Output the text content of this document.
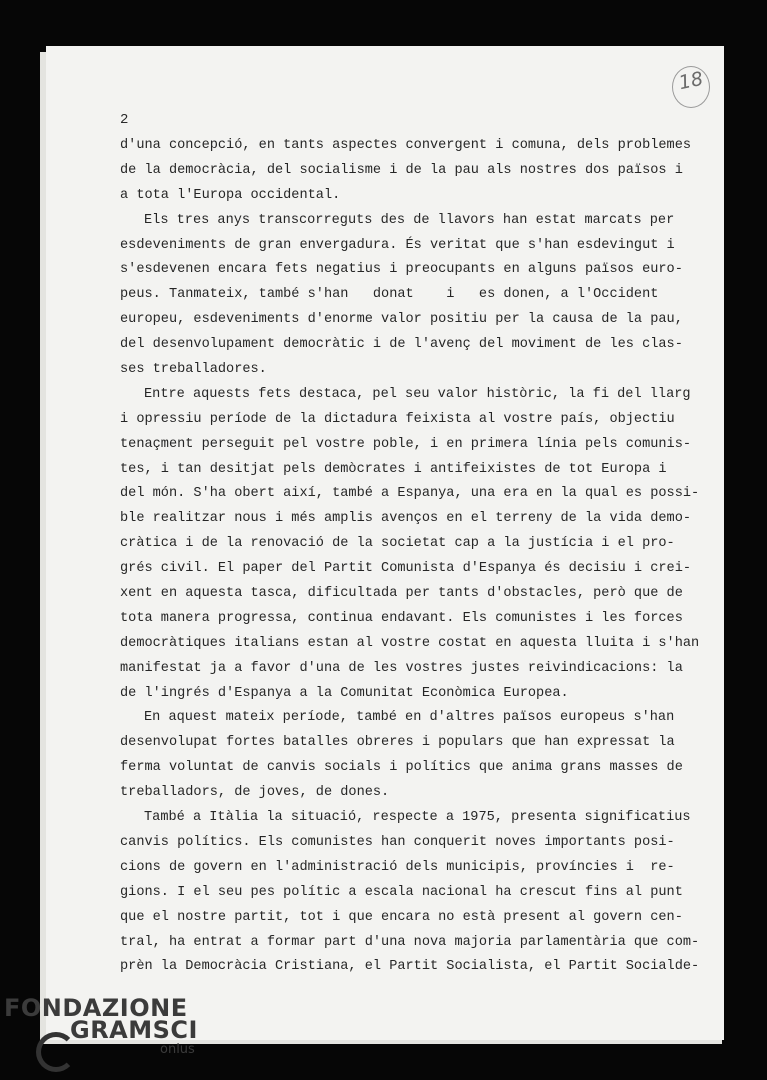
2
18
d'una concepció, en tants aspectes convergent i comuna, dels problemes
de la democràcia, del socialisme i de la pau als nostres dos països i
a tota l'Europa occidental.
Els tres anys transcorreguts des de llavors han estat marcats per
esdeveniments de gran envergadura. És veritat que s'han esdevingut i
s'esdevenen encara fets negatius i preocupants en alguns països euro-
peus. Tanmateix, també s'han   donat    i   es donen, a l'Occident
europeu, esdeveniments d'enorme valor positiu per la causa de la pau,
del desenvolupament democràtic i de l'avenç del moviment de les clas-
ses treballadores.
Entre aquests fets destaca, pel seu valor històric, la fi del llarg
i opressiu període de la dictadura feixista al vostre país, objectiu
tenaçment perseguit pel vostre poble, i en primera línia pels comunis-
tes, i tan desitjat pels demòcrates i antifeixistes de tot Europa i
del món. S'ha obert així, també a Espanya, una era en la qual es possi-
ble realitzar nous i més amplis avenços en el terreny de la vida demo-
cràtica i de la renovació de la societat cap a la justícia i el pro-
grés civil. El paper del Partit Comunista d'Espanya és decisiu i crei-
xent en aquesta tasca, dificultada per tants d'obstacles, però que de
tota manera progressa, continua endavant. Els comunistes i les forces
democràtiques italians estan al vostre costat en aquesta lluita i s'han
manifestat ja a favor d'una de les vostres justes reivindicacions: la
de l'ingrés d'Espanya a la Comunitat Econòmica Europea.
En aquest mateix període, també en d'altres països europeus s'han
desenvolupat fortes batalles obreres i populars que han expressat la
ferma voluntat de canvis socials i polítics que anima grans masses de
treballadors, de joves, de dones.
També a Itàlia la situació, respecte a 1975, presenta significatius
canvis polítics. Els comunistes han conquerit noves importants posi-
cions de govern en l'administració dels municipis, províncies i  re-
gions. I el seu pes polític a escala nacional ha crescut fins al punt
que el nostre partit, tot i que encara no està present al govern cen-
tral, ha entrat a formar part d'una nova majoria parlamentària que com-
prèn la Democràcia Cristiana, el Partit Socialista, el Partit Socialde-
FONDAZIONE
GRAMSCI
onlus
